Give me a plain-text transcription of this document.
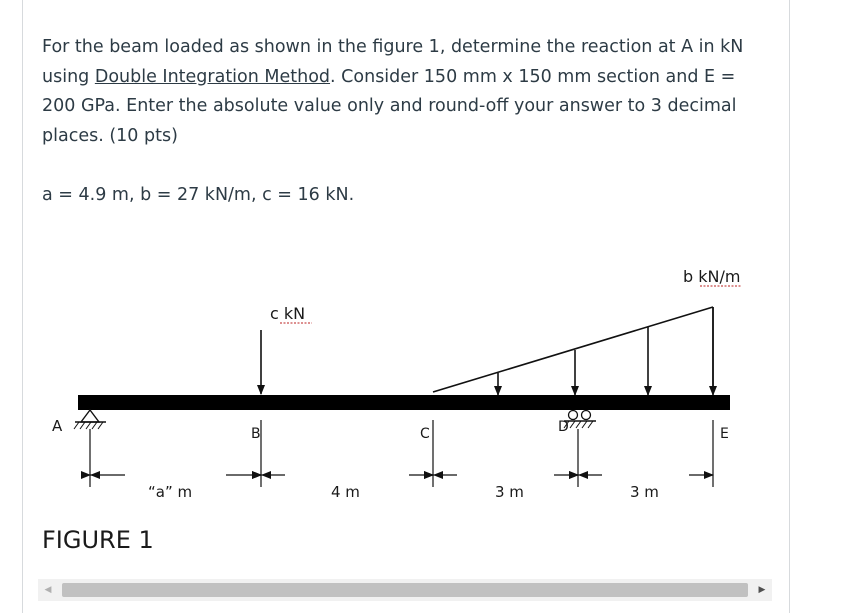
For the beam loaded as shown in the figure 1, determine the reaction at A in kN using Double Integration Method. Consider 150 mm x 150 mm section and E = 200 GPa. Enter the absolute value only and round-off your answer to 3 decimal places. (10 pts)

a = 4.9 m, b = 27 kN/m, c = 16 kN.

A	B	C	D	E
c kN
b kN/m
“a” m	4 m	3 m	3 m
FIGURE 1
◀	▶
